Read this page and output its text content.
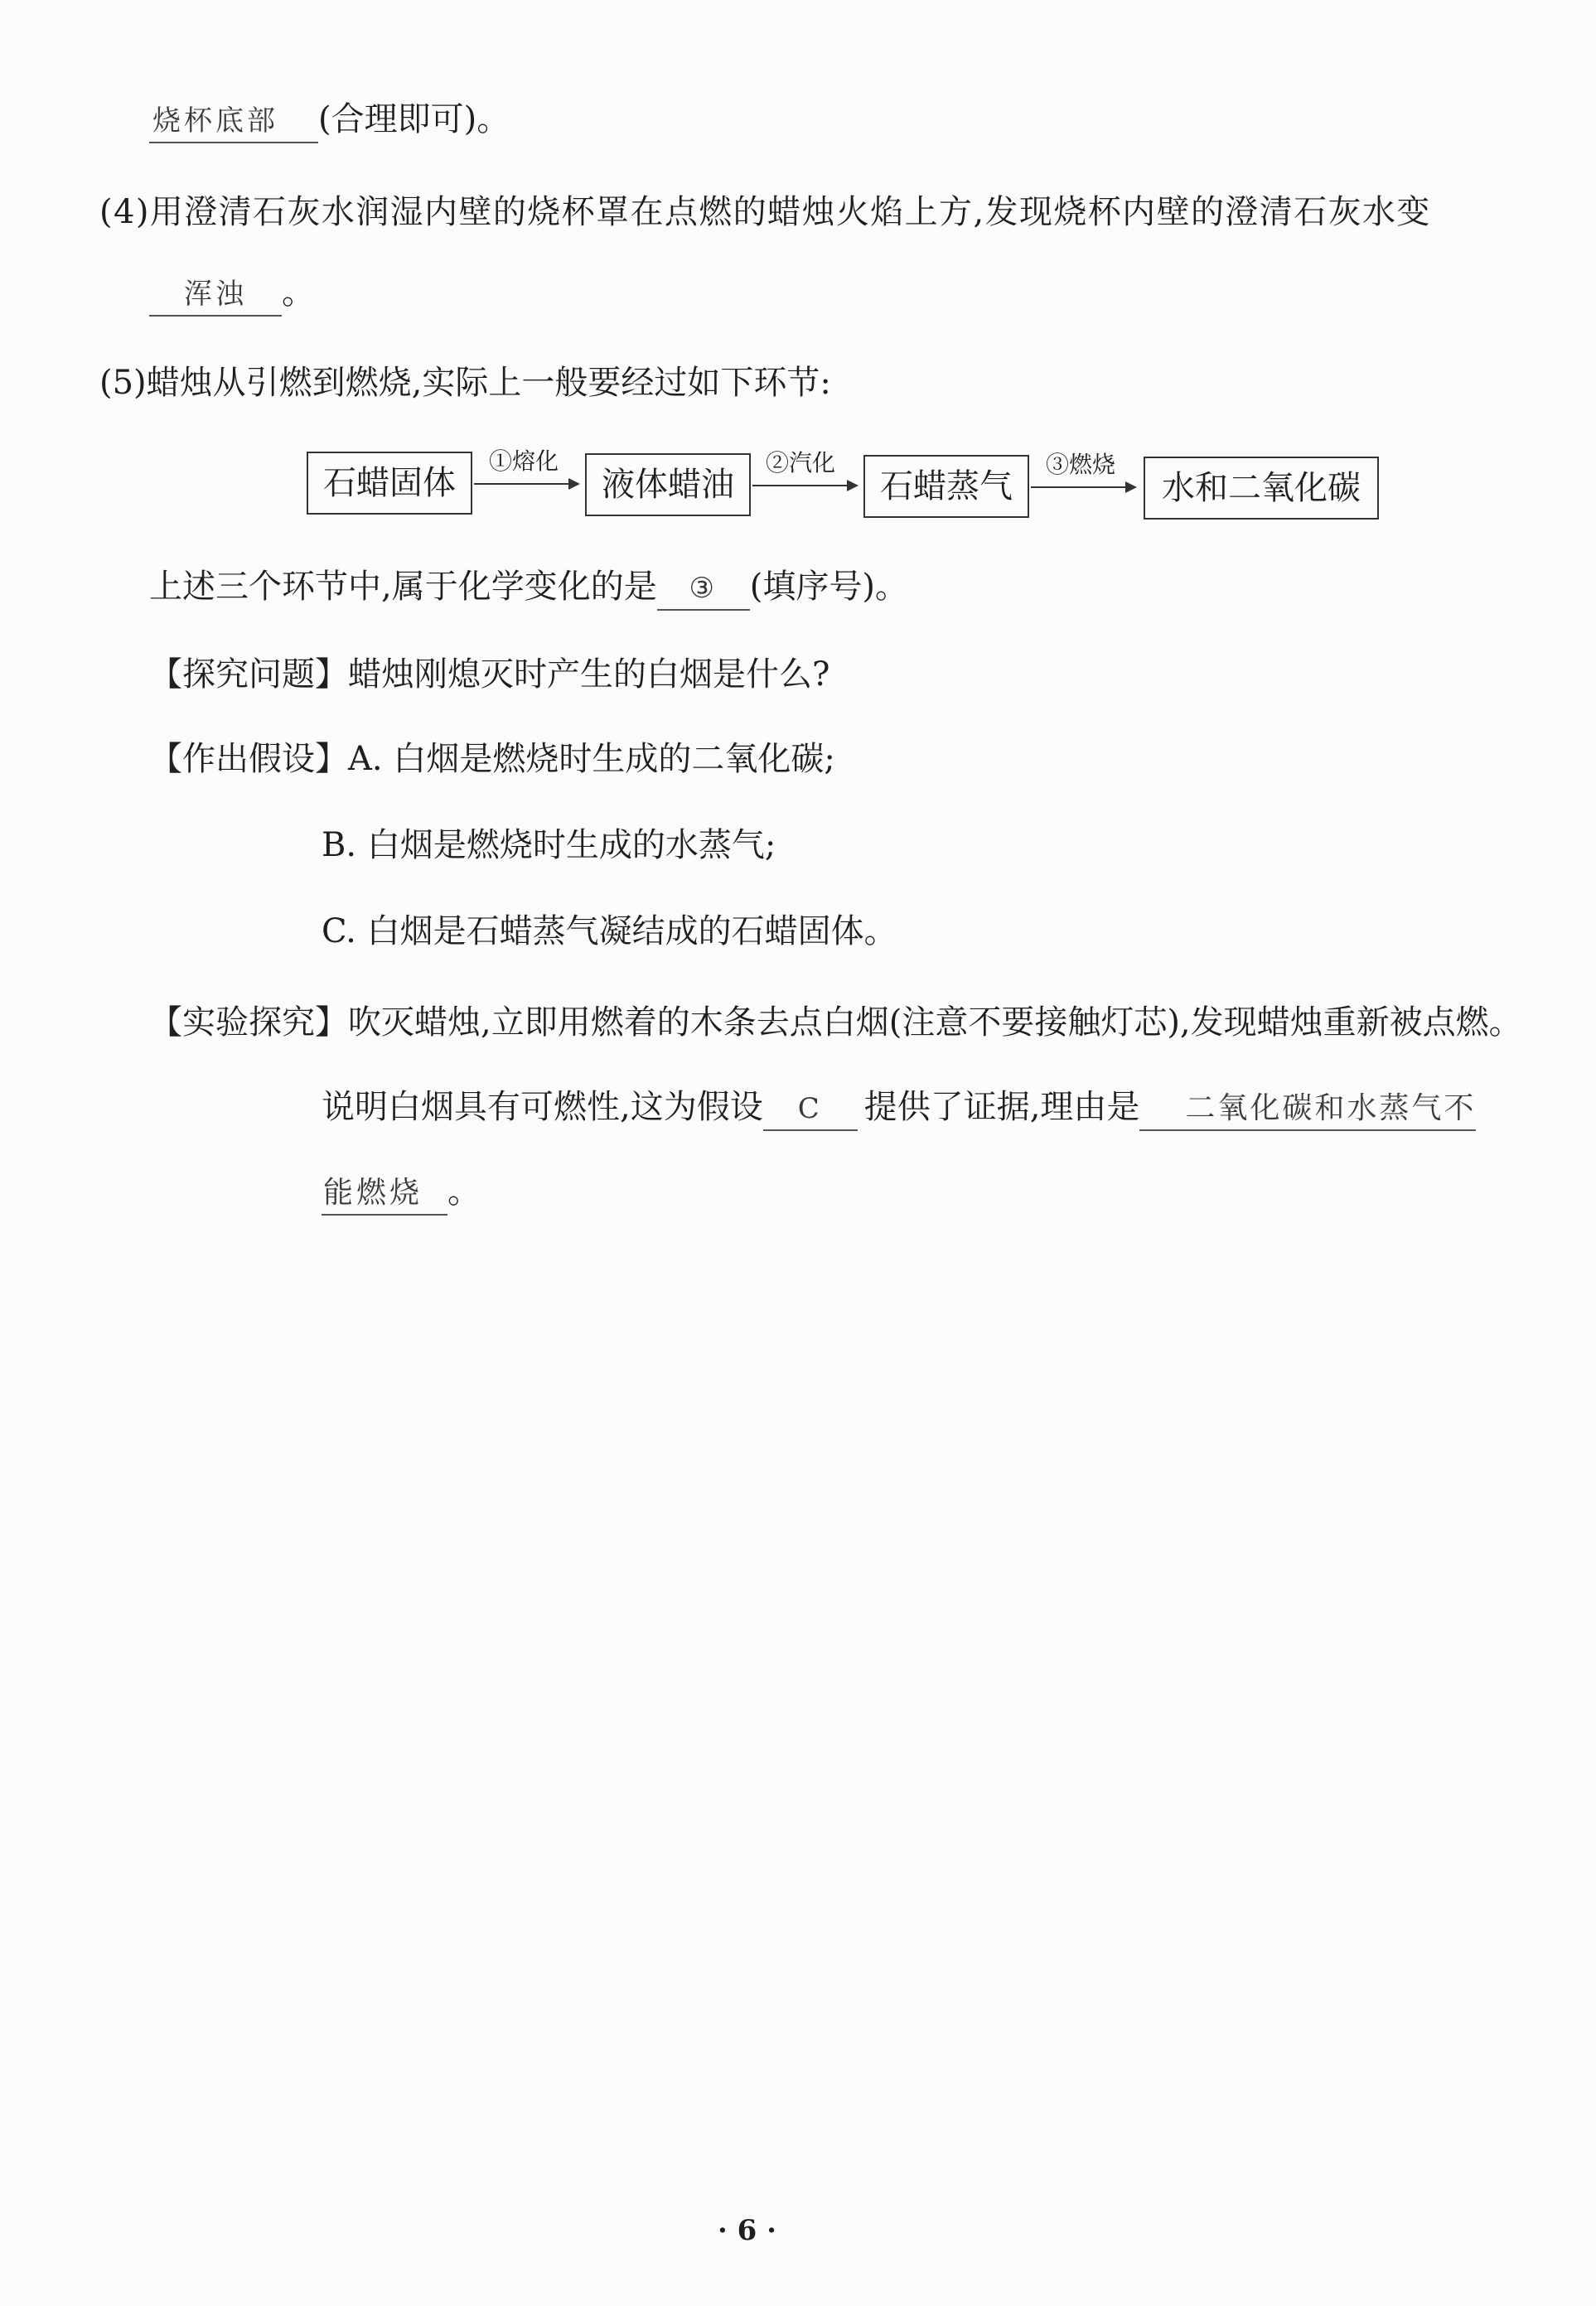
烧杯底部 (合理即可)。
(4)用澄清石灰水润湿内壁的烧杯罩在点燃的蜡烛火焰上方,发现烧杯内壁的澄清石灰水变
浑浊 。
(5)蜡烛从引燃到燃烧,实际上一般要经过如下环节:
石蜡固体
①熔化
液体蜡油
②汽化
石蜡蒸气
③燃烧
水和二氧化碳
上述三个环节中,属于化学变化的是 ③ (填序号)。
【探究问题】蜡烛刚熄灭时产生的白烟是什么?
【作出假设】A. 白烟是燃烧时生成的二氧化碳;
B. 白烟是燃烧时生成的水蒸气;
C. 白烟是石蜡蒸气凝结成的石蜡固体。
【实验探究】吹灭蜡烛,立即用燃着的木条去点白烟(注意不要接触灯芯),发现蜡烛重新被点燃。
说明白烟具有可燃性,这为假设 C 提供了证据,理由是 二氧化碳和水蒸气不
能燃烧 。
· 6 ·
